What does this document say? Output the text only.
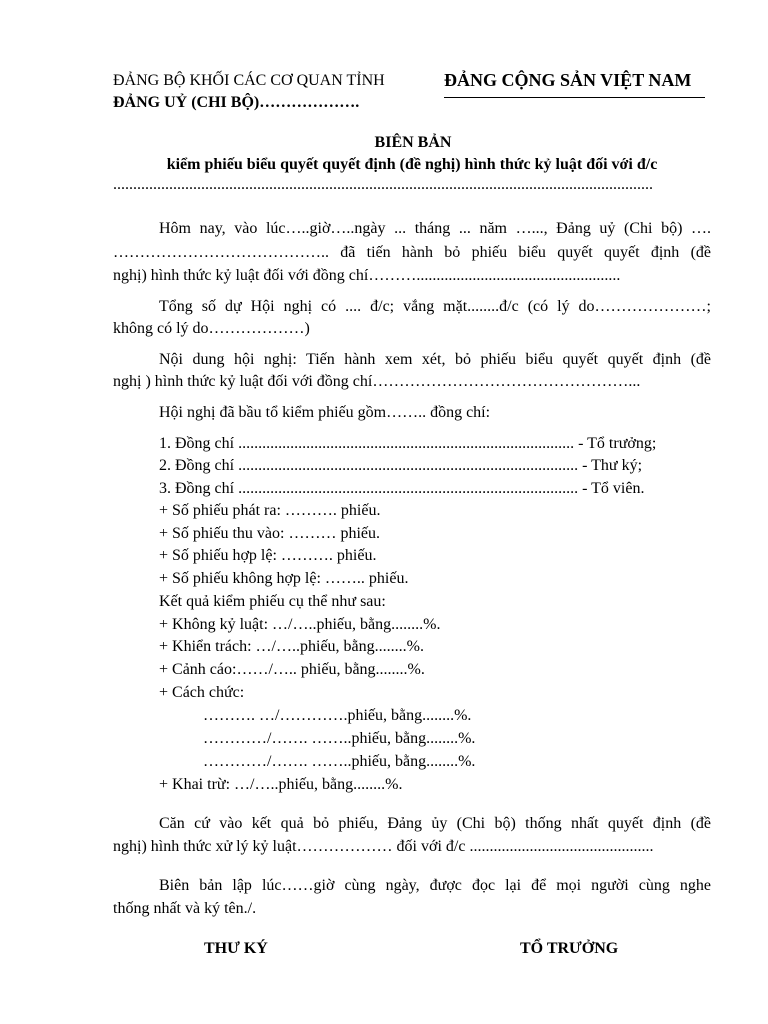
ĐẢNG BỘ KHỐI CÁC CƠ QUAN TỈNH
ĐẢNG UỶ (CHI BỘ)……………….
ĐẢNG CỘNG SẢN VIỆT NAM
BIÊN BẢN
kiểm phiếu biểu quyết quyết định (đề nghị) hình thức kỷ luật đối với đ/c
.......................................................................................................................................
Hôm nay, vào lúc…..giờ…..ngày ... tháng ... năm …..., Đảng uỷ (Chi bộ) ….
………………………………….. đã tiến hành bỏ phiếu biểu quyết quyết định (đề
nghị) hình thức kỷ luật đối với đồng chí………...................................................
Tổng số dự Hội nghị có .... đ/c; vắng mặt........đ/c (có lý do…………………;
không có lý do………………)
Nội dung hội nghị: Tiến hành xem xét, bỏ phiếu biểu quyết quyết định (đề
nghị ) hình thức kỷ luật đối với đồng chí…………………………………………...
Hội nghị đã bầu tổ kiểm phiếu gồm…….. đồng chí:
1. Đồng chí .................................................................................... - Tổ trưởng;
2. Đồng chí ..................................................................................... - Thư ký;
3. Đồng chí ..................................................................................... - Tổ viên.
+ Số phiếu phát ra: ………. phiếu.
+ Số phiếu thu vào: ……… phiếu.
+ Số phiếu hợp lệ: ………. phiếu.
+ Số phiếu không hợp lệ: …….. phiếu.
Kết quả kiểm phiếu cụ thể như sau:
+ Không kỷ luật: …/…..phiếu, bằng........%.
+ Khiển trách: …/…..phiếu, bằng........%.
+ Cảnh cáo:……/….. phiếu, bằng........%.
+ Cách chức:
………. …/………….phiếu, bằng........%.
…………/……. ……..phiếu, bằng........%.
…………/……. ……..phiếu, bằng........%.
+ Khai trừ: …/…..phiếu, bằng........%.
Căn cứ vào kết quả bỏ phiếu, Đảng ủy (Chi bộ) thống nhất quyết định (đề
nghị) hình thức xử lý kỷ luật……………… đối với đ/c ..............................................
Biên bản lập lúc……giờ cùng ngày, được đọc lại để mọi người cùng nghe
thống nhất và ký tên./.
THƯ KÝ	TỔ TRƯỞNG
